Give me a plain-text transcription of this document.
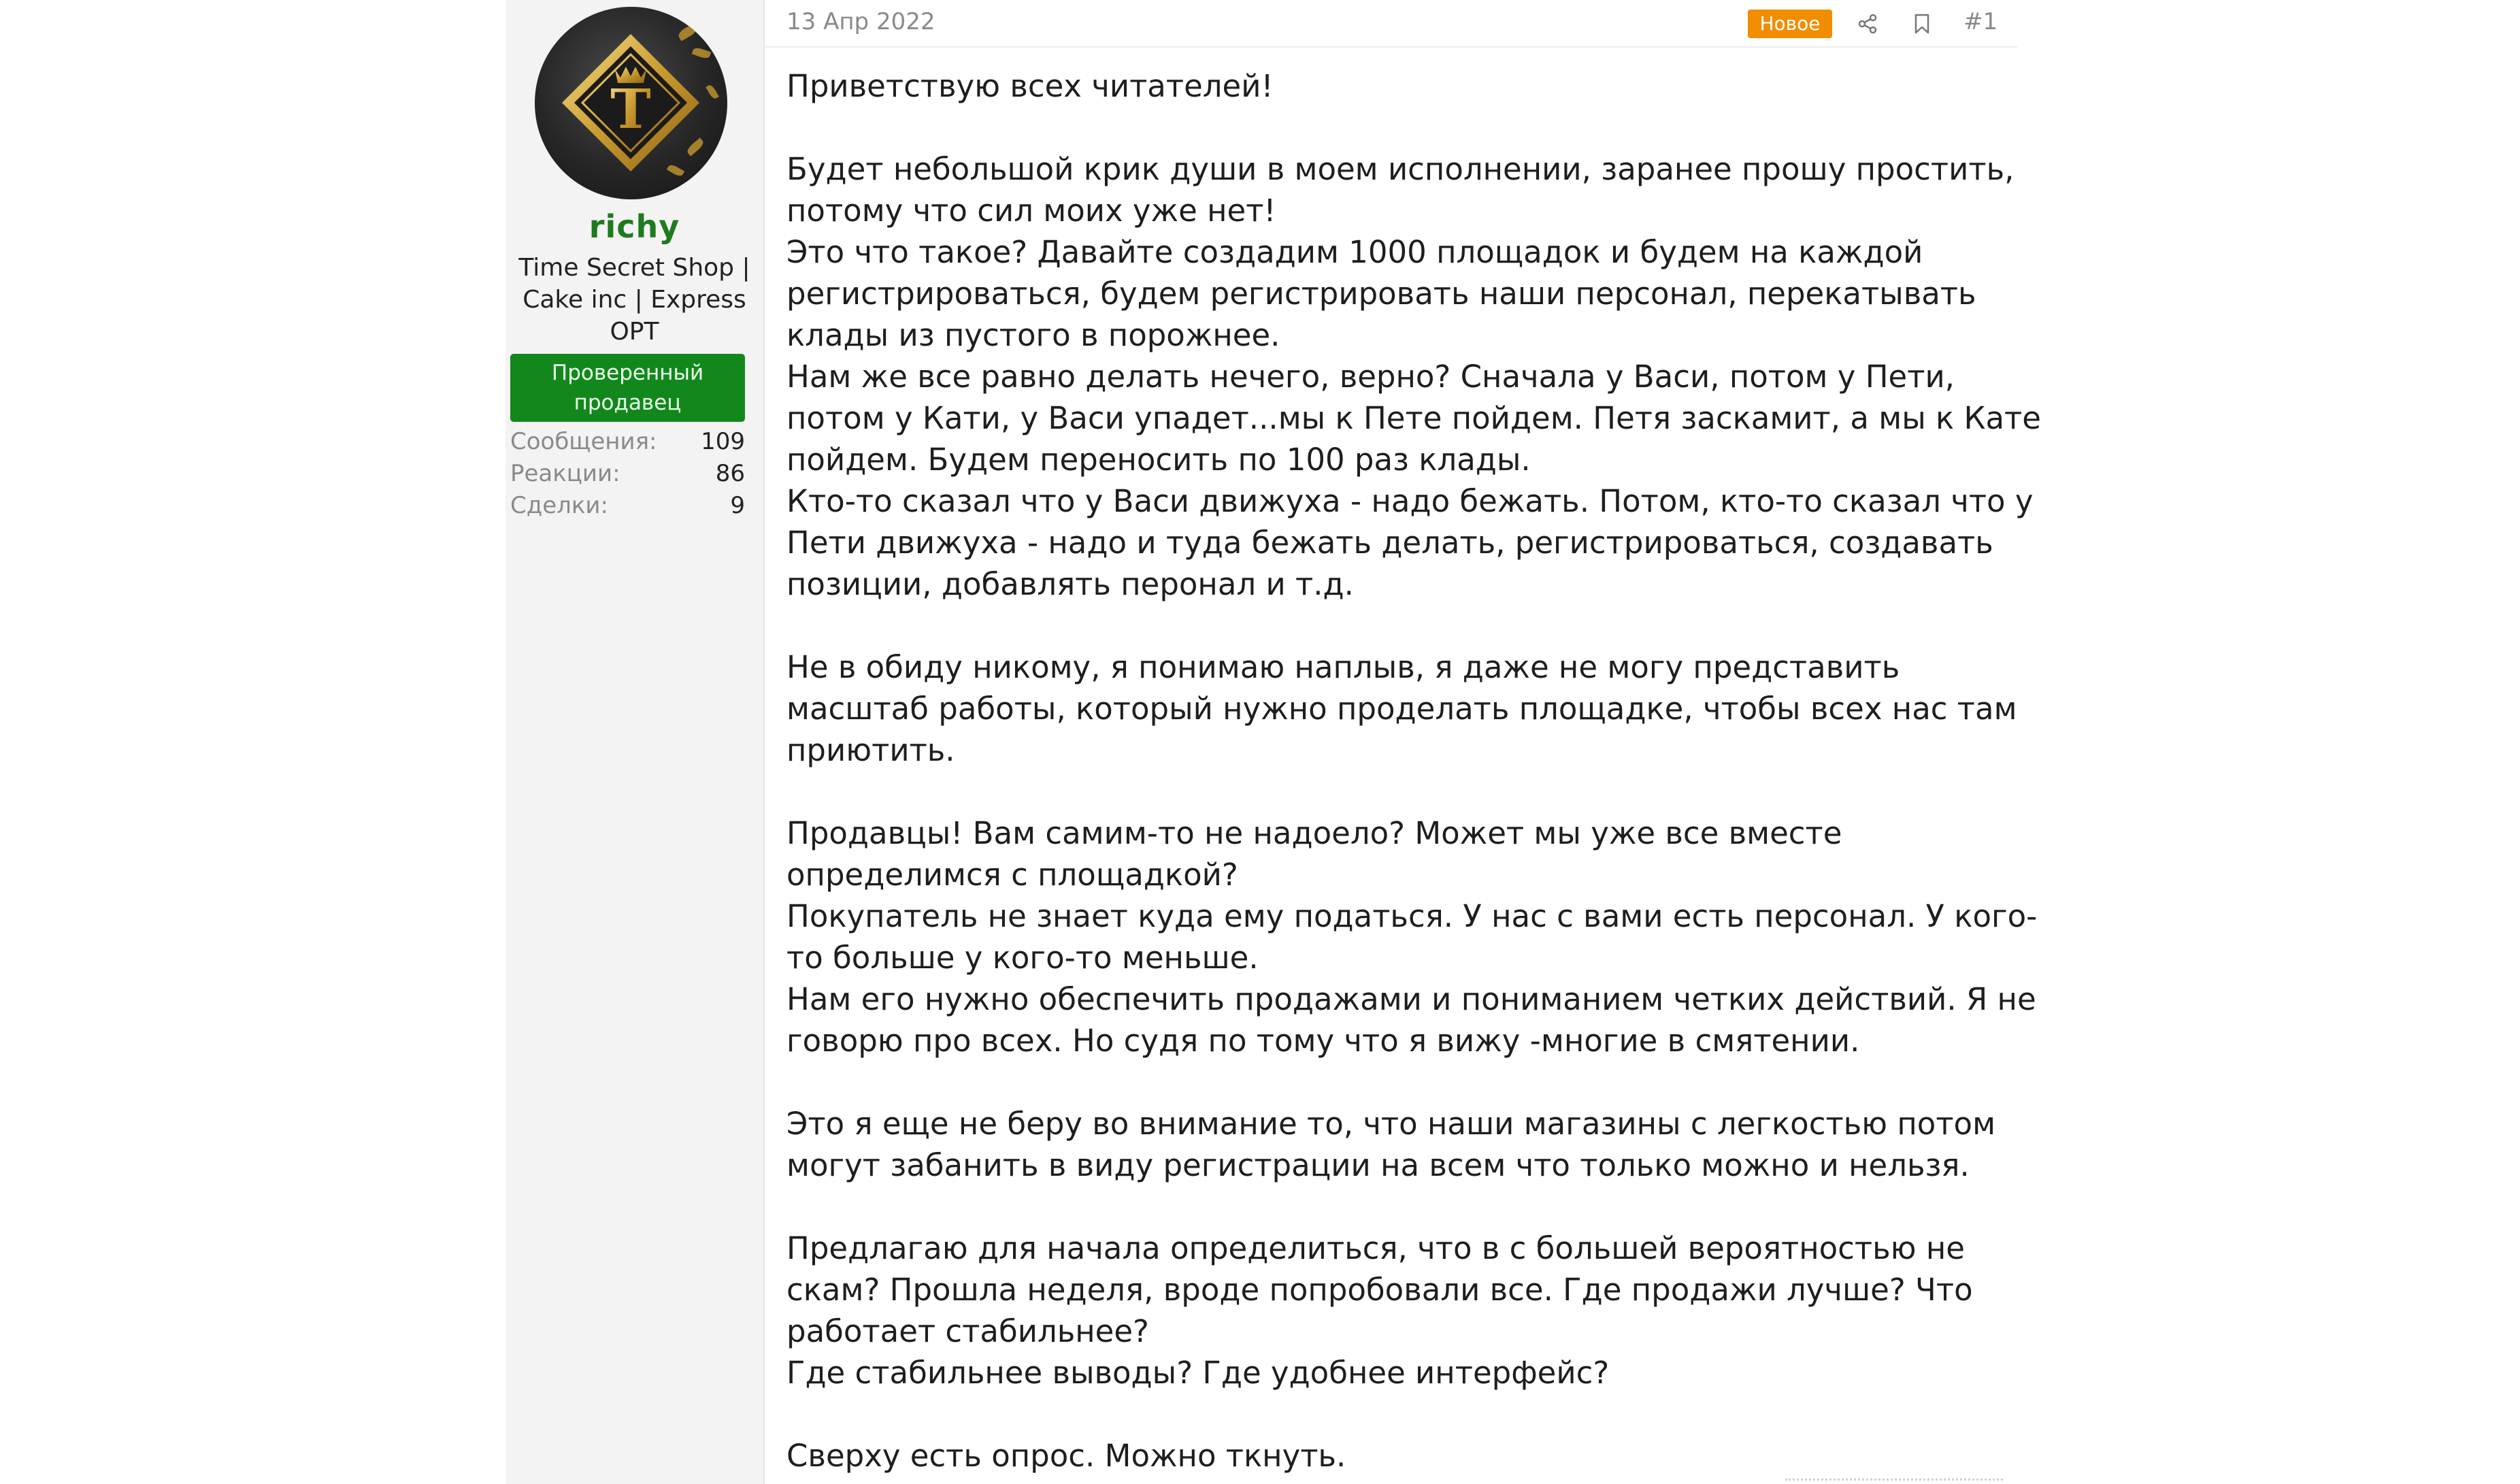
T
richy
Time Secret Shop |
Cake inc | Express
OPT
Проверенный
продавец
Сообщения: 109
Реакции:	86
Сделки:	9
13 Апр 2022	Новое	#1
Приветствую всех читателей!
Будет небольшой крик души в моем исполнении, заранее прошу простить,
потому что сил моих уже нет!
Это что такое? Давайте создадим 1000 площадок и будем на каждой
регистрироваться, будем регистрировать наши персонал, перекатывать
клады из пустого в порожнее.
Нам же все равно делать нечего, верно? Сначала у Васи, потом у Пети,
потом у Кати, у Васи упадет...мы к Пете пойдем. Петя заскамит, а мы к Кате
пойдем. Будем переносить по 100 раз клады.
Кто-то сказал что у Васи движуха - надо бежать. Потом, кто-то сказал что у
Пети движуха - надо и туда бежать делать, регистрироваться, создавать
позиции, добавлять перонал и т.д.
Не в обиду никому, я понимаю наплыв, я даже не могу представить
масштаб работы, который нужно проделать площадке, чтобы всех нас там
приютить.
Продавцы! Вам самим-то не надоело? Может мы уже все вместе
определимся с площадкой?
Покупатель не знает куда ему податься. У нас с вами есть персонал. У кого-
то больше у кого-то меньше.
Нам его нужно обеспечить продажами и пониманием четких действий. Я не
говорю про всех. Но судя по тому что я вижу -многие в смятении.
Это я еще не беру во внимание то, что наши магазины с легкостью потом
могут забанить в виду регистрации на всем что только можно и нельзя.
Предлагаю для начала определиться, что в с большей вероятностью не
скам? Прошла неделя, вроде попробовали все. Где продажи лучше? Что
работает стабильнее?
Где стабильнее выводы? Где удобнее интерфейс?
Сверху есть опрос. Можно ткнуть.
